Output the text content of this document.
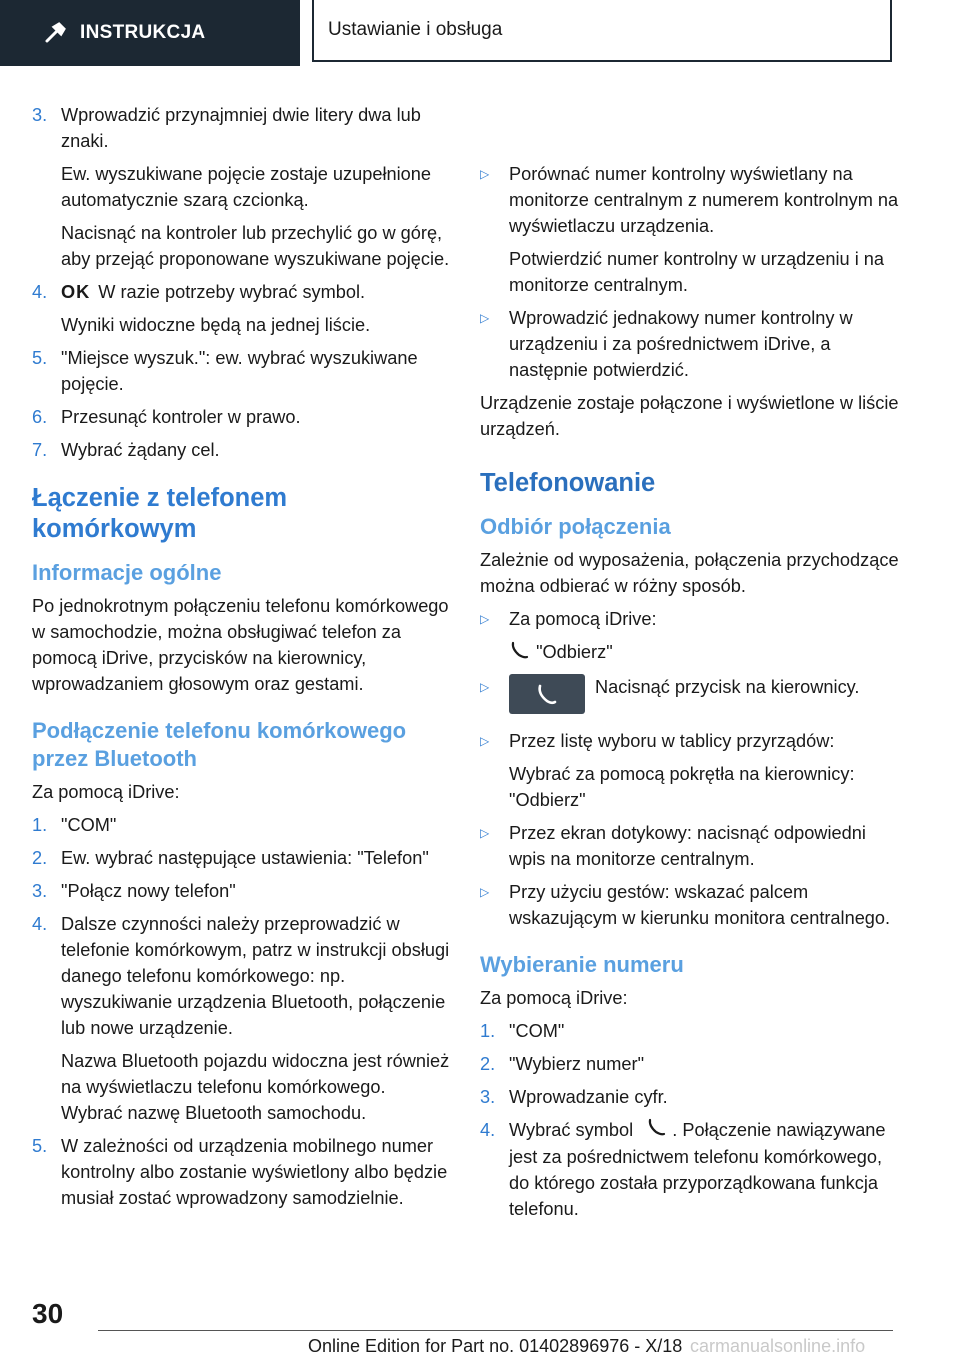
INSTRUKCJA	Ustawianie i obsługa
3. Wprowadzić przynajmniej dwie litery dwa lub znaki.

Ew. wyszukiwane pojęcie zostaje uzupełnione automatycznie szarą czcionką.

Nacisnąć na kontroler lub przechylić go w górę, aby przejąć proponowane wyszukiwane pojęcie.

4. OK W razie potrzeby wybrać symbol.

Wyniki widoczne będą na jednej liście.

5. "Miejsce wyszuk.": ew. wybrać wyszukiwane pojęcie.

6. Przesunąć kontroler w prawo.

7. Wybrać żądany cel.

Łączenie z telefonem komórkowym
Informacje ogólne

Po jednokrotnym połączeniu telefonu komórkowego w samochodzie, można obsługiwać telefon za pomocą iDrive, przycisków na kierownicy, wprowadzaniem głosowym oraz gestami.

Podłączenie telefonu komórkowego przez Bluetooth

Za pomocą iDrive:

1. "COM"

2. Ew. wybrać następujące ustawienia: "Telefon"

3. "Połącz nowy telefon"

4. Dalsze czynności należy przeprowadzić w telefonie komórkowym, patrz w instrukcji obsługi danego telefonu komórkowego: np. wyszukiwanie urządzenia Bluetooth, połączenie lub nowe urządzenie.

Nazwa Bluetooth pojazdu widoczna jest również na wyświetlaczu telefonu komórkowego. Wybrać nazwę Bluetooth samochodu.

5. W zależności od urządzenia mobilnego numer kontrolny albo zostanie wyświetlony albo będzie musiał zostać wprowadzony samodzielnie.

▷	Porównać numer kontrolny wyświetlany na monitorze centralnym z numerem kontrolnym na wyświetlaczu urządzenia.

Potwierdzić numer kontrolny w urządzeniu i na monitorze centralnym.

▷	Wprowadzić jednakowy numer kontrolny w urządzeniu i za pośrednictwem iDrive, a następnie potwierdzić.

Urządzenie zostaje połączone i wyświetlone w liście urządzeń.

Telefonowanie
Odbiór połączenia

Zależnie od wyposażenia, połączenia przychodzące można odbierać w różny sposób.

▷	Za pomocą iDrive:

"Odbierz"

▷	Nacisnąć przycisk na kierownicy.

▷	Przez listę wyboru w tablicy przyrządów:

Wybrać za pomocą pokrętła na kierownicy: "Odbierz"

▷	Przez ekran dotykowy: nacisnąć odpowiedni wpis na monitorze centralnym.

▷	Przy użyciu gestów: wskazać palcem wskazującym w kierunku monitora centralnego.

Wybieranie numeru

Za pomocą iDrive:

1. "COM"

2. "Wybierz numer"

3. Wprowadzanie cyfr.

4. Wybrać symbol . Połączenie nawiązywane jest za pośrednictwem telefonu komórkowego, do którego została przyporządkowana funkcja telefonu.

30
Online Edition for Part no. 01402896976 - X/18 carmanualsonline.info
